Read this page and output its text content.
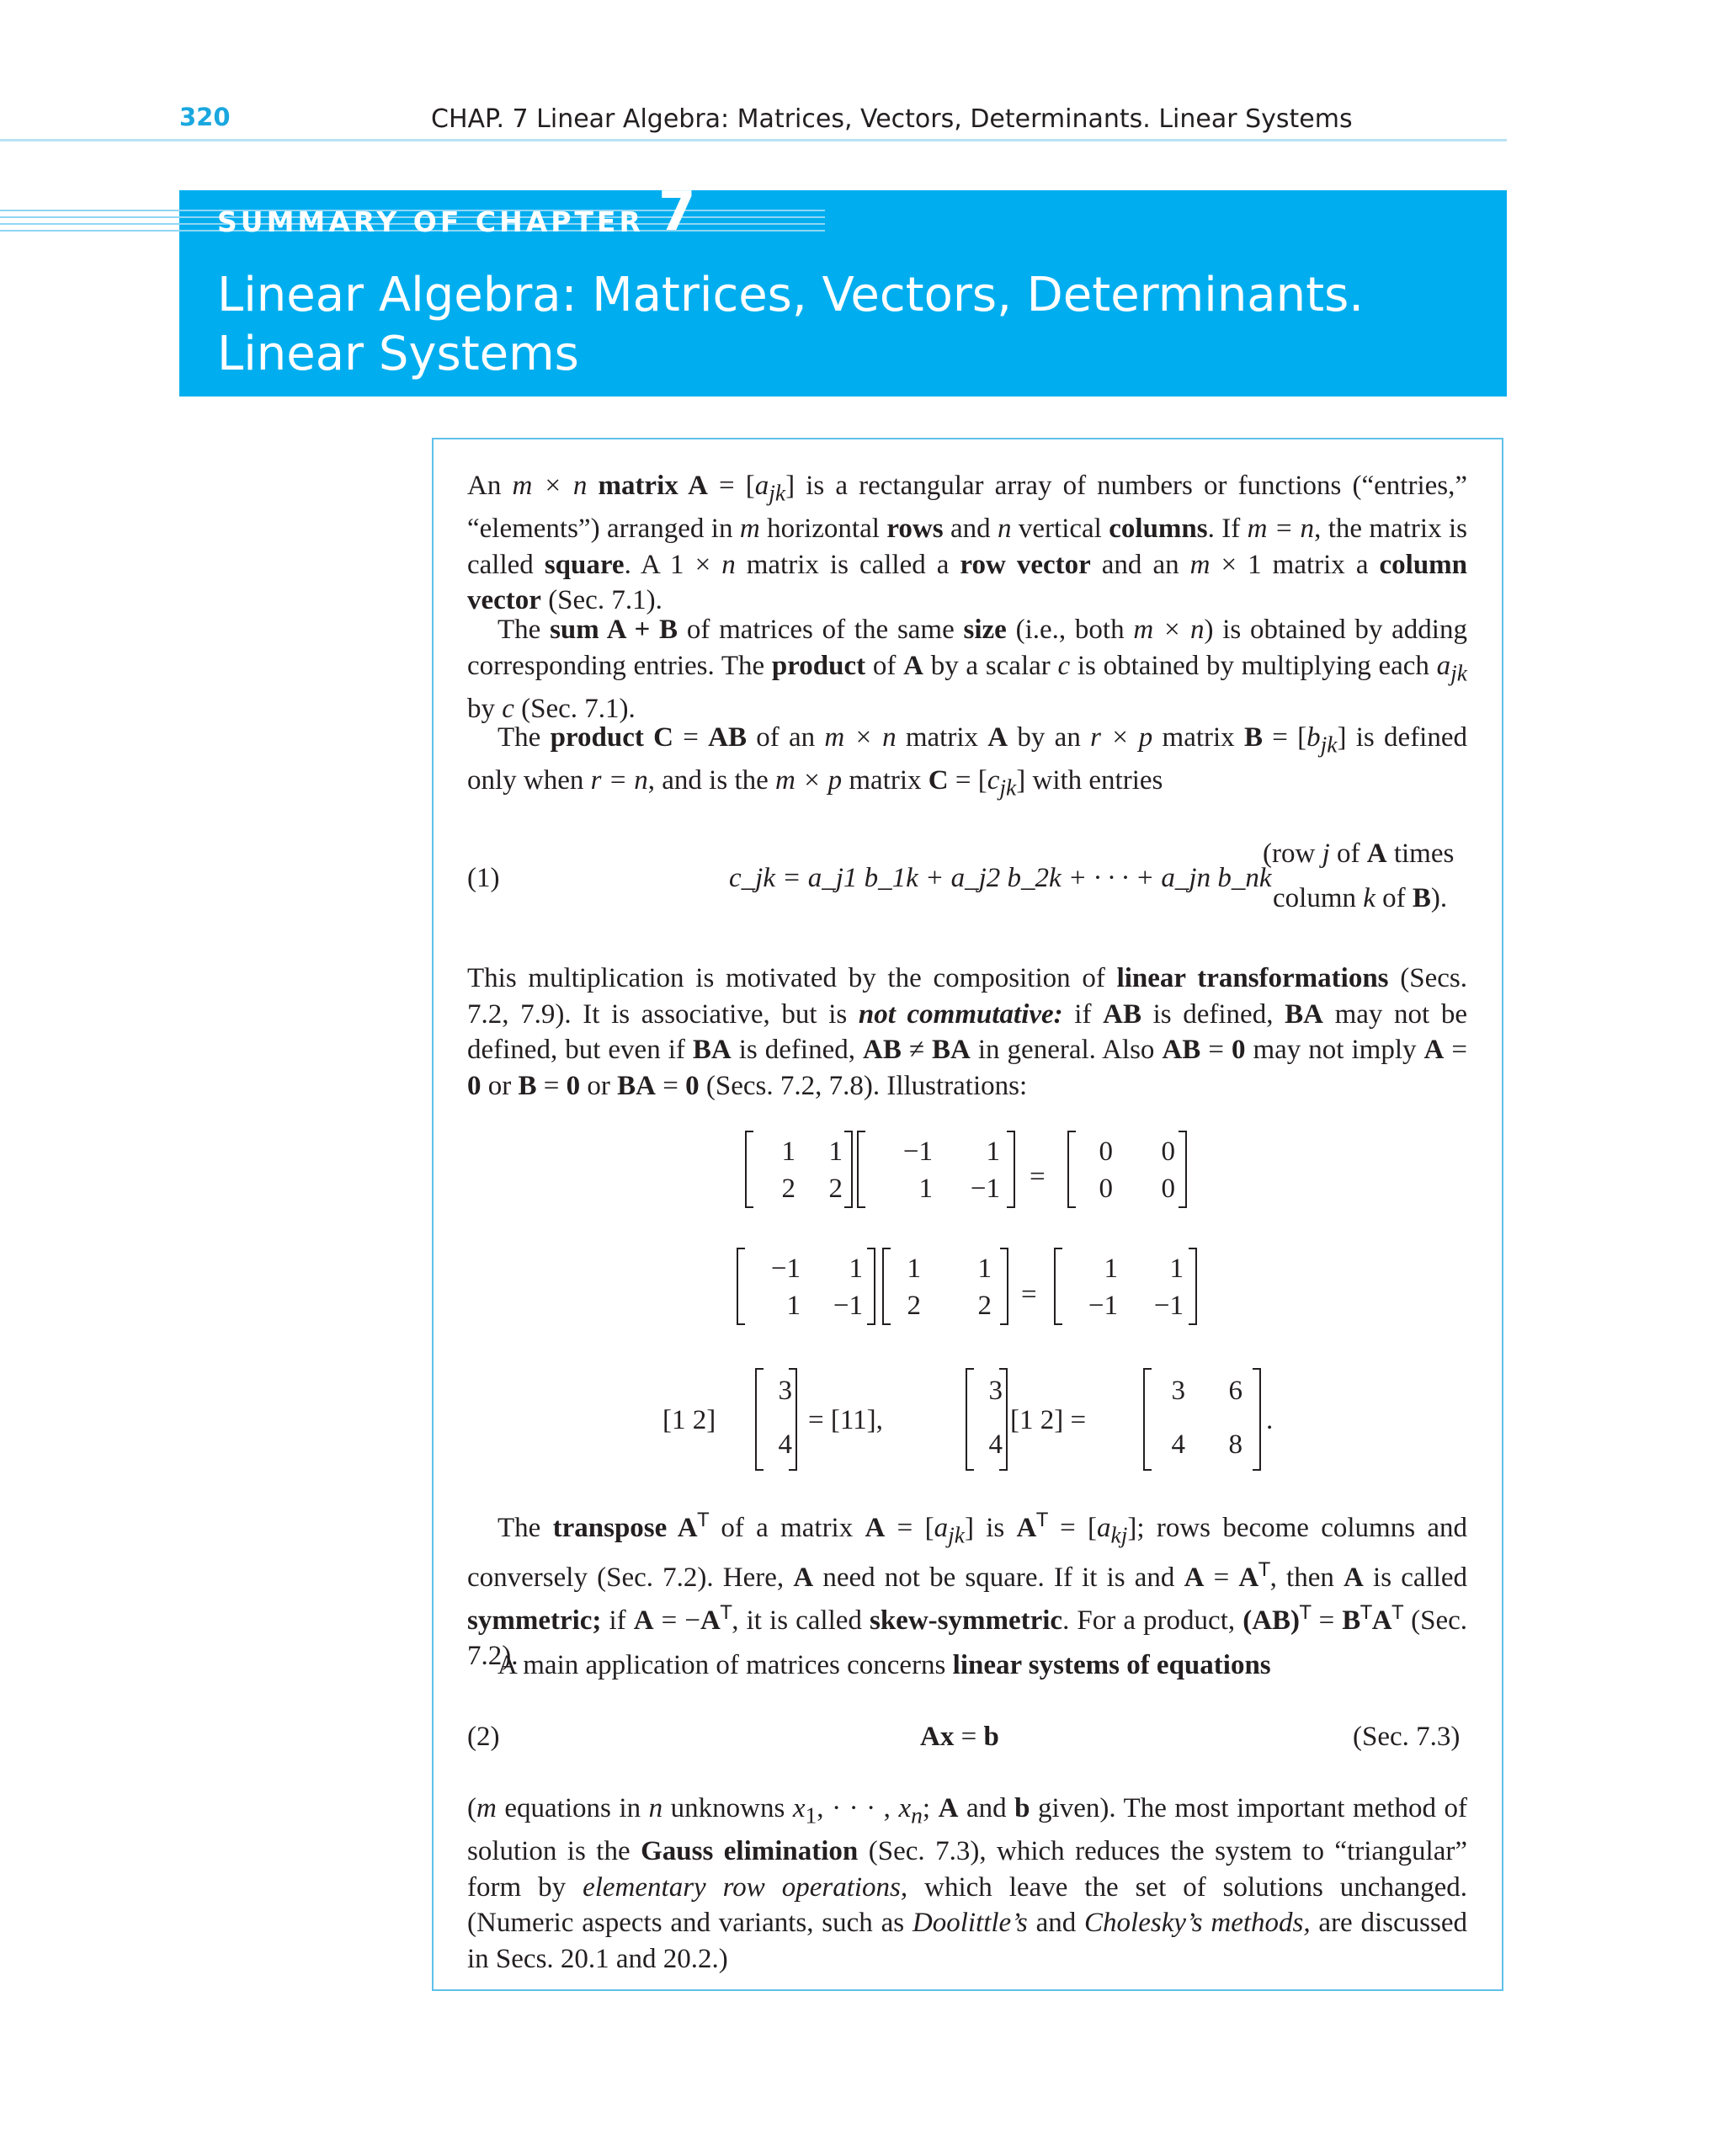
320	CHAP. 7 Linear Algebra: Matrices, Vectors, Determinants. Linear Systems
SUMMARY OF CHAPTER 7
Linear Algebra: Matrices, Vectors, Determinants.
Linear Systems

An m × n matrix $A = [a_{jk}]$ is a rectangular array of numbers or functions (“entries,” “elements”) arranged in m horizontal rows and n vertical columns. If m = n, the matrix is called square. A 1 × n matrix is called a row vector and an m × 1 matrix a column vector (Sec. 7.1).

The sum A + B of matrices of the same size (i.e., both m × n) is obtained by adding corresponding entries. The product of A by a scalar c is obtained by multiplying each $a_{jk}$ by c (Sec. 7.1).

The product C = AB of an m × n matrix A by an r × p matrix $B = [b_{jk}]$ is defined only when r = n, and is the m × p matrix $C = [c_{jk}]$ with entries

(1)	c_jk = a_j1 b_1k + a_j2 b_2k + · · · + a_jn b_nk
(row j of A times
column k of B).

This multiplication is motivated by the composition of linear transformations (Secs. 7.2, 7.9). It is associative, but is not commutative: if AB is defined, BA may not be defined, but even if BA is defined, AB ≠ BA in general. Also AB = 0 may not imply A = 0 or B = 0 or BA = 0 (Secs. 7.2, 7.8). Illustrations:

1	1
2	2
−1	1
1	−1 =
0	0
0	0
−1	1
1	−1
1	1
2	2 =
1	1
−1	−1
[1 2]
3
4
= [11],
3
4
[1 2] =
3	6
4	8
.

The transpose $A^T$ of a matrix $A = [a_{jk}]$ is $A^T = [a_{kj}]$; rows become columns and conversely (Sec. 7.2). Here, A need not be square. If it is and $A = A^T$, then A is called symmetric; if $A = -A^T$, it is called skew-symmetric. For a product, $(AB)^T = B^TA^T$ (Sec. 7.2).

A main application of matrices concerns linear systems of equations

(2)	Ax = b	(Sec. 7.3)

(m equations in n unknowns $x_1$, · · · , $x_n$; A and b given). The most important method of solution is the Gauss elimination (Sec. 7.3), which reduces the system to “triangular” form by elementary row operations, which leave the set of solutions unchanged. (Numeric aspects and variants, such as Doolittle’s and Cholesky’s methods, are discussed in Secs. 20.1 and 20.2.)
